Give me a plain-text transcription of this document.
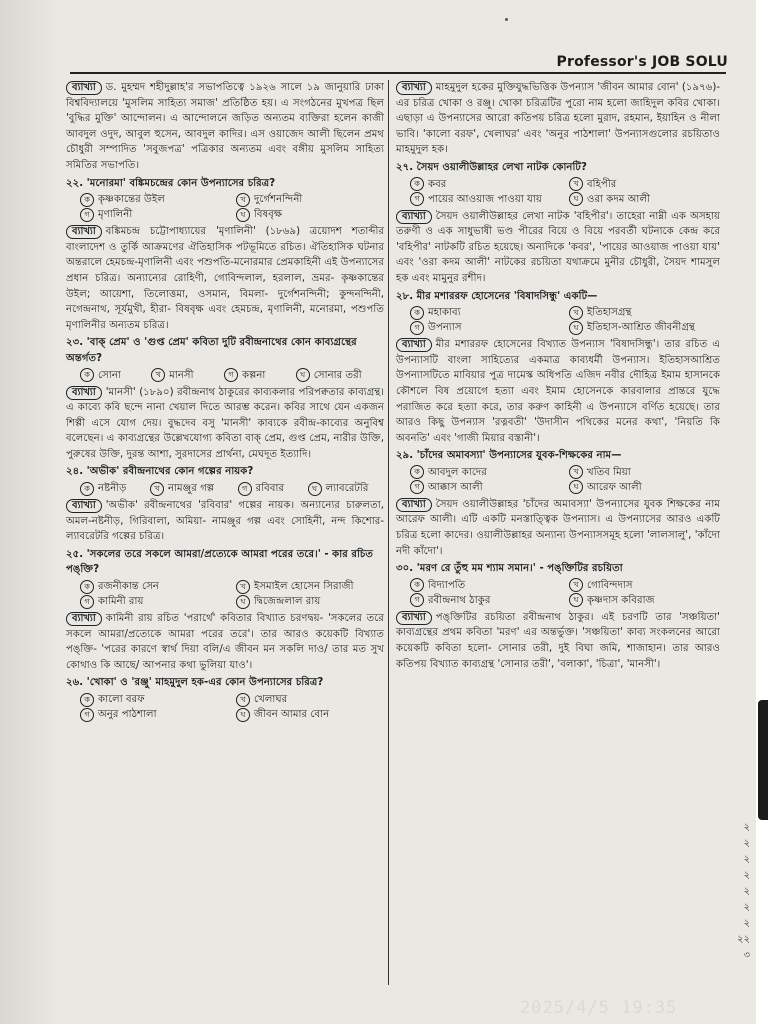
Professor's JOB SOLU

ব্যাখ্যা ড. মুহম্মদ শহীদুল্লাহ'র সভাপতিত্বে ১৯২৬ সালে ১৯ জানুয়ারি ঢাকা বিশ্ববিদ্যালয়ে 'মুসলিম সাহিত্য সমাজ' প্রতিষ্ঠিত হয়। এ সংগঠনের মুখপত্র ছিল 'বুদ্ধির মুক্তি' আন্দোলন। এ আন্দোলনে জড়িত অন্যতম ব্যক্তিরা হলেন কাজী আবদুল ওদুদ, আবুল হুসেন, আবদুল কাদির। এস ওয়াজেদ আলী ছিলেন প্রমথ চৌধুরী সম্পাদিত 'সবুজপত্র' পত্রিকার অন্যতম এবং বঙ্গীয় মুসলিম সাহিত্য সমিতির সভাপতি।

২২. 'মনোরমা' বঙ্কিমচন্দ্রের কোন উপন্যাসের চরিত্র?
ক কৃষ্ণকান্তের উইল	খ দুর্গেশনন্দিনী
গ মৃণালিনী	ঘ বিষবৃক্ষ

ব্যাখ্যা বঙ্কিমচন্দ্র চট্টোপাধ্যায়ের 'মৃণালিনী' (১৮৬৯) ত্রয়োদশ শতাব্দীর বাংলাদেশ ও তুর্কি আক্রমণের ঐতিহাসিক পটভূমিতে রচিত। ঐতিহাসিক ঘটনার অন্তরালে হেমচন্দ্র-মৃণালিনী এবং পশুপতি-মনোরমার প্রেমকাহিনী এই উপন্যাসের প্রধান চরিত্র। অন্যান্যের রোহিণী, গোবিন্দলাল, হরলাল, ভ্রমর- কৃষ্ণকান্তের উইল; আয়েশা, তিলোত্তমা, ওসমান, বিমলা- দুর্গেশনন্দিনী; কুন্দনন্দিনী, নগেন্দ্রনাথ, সূর্যমুখী, হীরা- বিষবৃক্ষ এবং হেমচন্দ্র, মৃণালিনী, মনোরমা, পশুপতি মৃণালিনীর অন্যতম চরিত্র।

২৩. 'বাক্ প্রেম' ও 'গুপ্ত প্রেম' কবিতা দুটি রবীন্দ্রনাথের কোন কাব্যগ্রন্থের অন্তর্গত?
ক সোনা	খ মানসী	গ কল্পনা	ঘ সোনার তরী

ব্যাখ্যা 'মানসী' (১৮৯০) রবীন্দ্রনাথ ঠাকুরের কাব্যকলার পরিপক্বতার কাব্যগ্রন্থ। এ কাব্যে কবি ছন্দে নানা খেয়াল দিতে আরম্ভ করেন। কবির সাথে যেন একজন শিল্পী এসে যোগ দেয়। বুদ্ধদেব বসু 'মানসী' কাব্যকে রবীন্দ্র-কাব্যের অনুবিশ্ব বলেছেন। এ কাব্যগ্রন্থের উল্লেখযোগ্য কবিতা বাক্ প্রেম, গুপ্ত প্রেম, নারীর উক্তি, পুরুষের উক্তি, দুরন্ত আশা, সুরদাসের প্রার্থনা, মেঘদূত ইত্যাদি।

২৪. 'অভীক' রবীন্দ্রনাথের কোন গল্পের নায়ক?
ক নষ্টনীড়	খ নামঞ্জুর গল্প	গ রবিবার	ঘ ল্যাবরেটরি

ব্যাখ্যা 'অভীক' রবীন্দ্রনাথের 'রবিবার' গল্পের নায়ক। অন্যান্যের চারুলতা, অমল-নষ্টনীড়, গিরিবালা, অমিয়া- নামঞ্জুর গল্প এবং সোহিনী, নন্দ কিশোর- ল্যাবরেটরি গল্পের চরিত্র।

২৫. 'সকলের তরে সকলে আমরা/প্রত্যেকে আমরা পরের তরে।' - কার রচিত পঙ্‌ক্তি?
ক রজনীকান্ত সেন	খ ইসমাইল হোসেন সিরাজী
গ কামিনী রায়	ঘ দ্বিজেন্দ্রলাল রায়

ব্যাখ্যা কামিনী রায় রচিত 'পরার্থে' কবিতার বিখ্যাত চরণদ্বয়- 'সকলের তরে সকলে আমরা/প্রত্যেকে আমরা পরের তরে'। তার আরও কয়েকটি বিখ্যাত পঙ্‌ক্তি- 'পরের কারণে স্বার্থ দিয়া বলি/এ জীবন মন সকলি দাও/ তার মত সুখ কোথাও কি আছে/ আপনার কথা ভুলিয়া যাও'।

২৬. 'খোকা' ও 'রঞ্জু' মাহমুদুল হক-এর কোন উপন্যাসের চরিত্র?
ক কালো বরফ	খ খেলাঘর
গ অনুর পাঠশালা	ঘ জীবন আমার বোন

ব্যাখ্যা মাহমুদুল হকের মুক্তিযুদ্ধভিত্তিক উপন্যাস 'জীবন আমার বোন' (১৯৭৬)-এর চরিত্র খোকা ও রঞ্জু। খোকা চরিত্রটির পুরো নাম হলো জাহিদুল কবির খোকা। এছাড়া এ উপন্যাসের আরো কতিপয় চরিত্র হলো মুরাদ, রহমান, ইয়াহিন ও নীলা ভাবি। 'কালো বরফ', খেলাঘর' এবং 'অনুর পাঠশালা' উপন্যাসগুলোর রচয়িতাও মাহমুদুল হক।

২৭. সৈয়দ ওয়ালীউল্লাহর লেখা নাটক কোনটি?
ক কবর	খ বহিপীর
গ পায়ের আওয়াজ পাওয়া যায়	ঘ ওরা কদম আলী

ব্যাখ্যা সৈয়দ ওয়ালীউল্লাহর লেখা নাটক 'বহিপীর'। তাহেরা নাম্নী এক অসহায় তরুণী ও এক সাধুভাষী ভণ্ড পীরের বিয়ে ও বিয়ে পরবর্তী ঘটনাকে কেন্দ্র করে 'বহিপীর' নাটকটি রচিত হয়েছে। অন্যদিকে 'কবর', 'পায়ের আওয়াজ পাওয়া যায়' এবং 'ওরা কদম আলী' নাটকের রচয়িতা যথাক্রমে মুনীর চৌধুরী, সৈয়দ শামসুল হক এবং মামুনুর রশীদ।

২৮. মীর মশাররফ হোসেনের 'বিষাদসিন্ধু' একটি—
ক মহাকাব্য	খ ইতিহাসগ্রন্থ
গ উপন্যাস	ঘ ইতিহাস-আশ্রিত জীবনীগ্রন্থ

ব্যাখ্যা মীর মশাররফ হোসেনের বিখ্যাত উপন্যাস 'বিষাদসিন্ধু'। তার রচিত এ উপন্যাসটি বাংলা সাহিত্যের একমাত্র কাব্যধর্মী উপন্যাস। ইতিহাসআশ্রিত উপন্যাসটিতে মাবিয়ার পুত্র দামেস্ক অধিপতি এজিদ নবীর দৌহিত্র ইমাম হাসানকে কৌশলে বিষ প্রয়োগে হত্যা এবং ইমাম হোসেনকে কারবালার প্রান্তরে যুদ্ধে পরাজিত করে হত্যা করে, তার করুণ কাহিনী এ উপন্যাসে বর্ণিত হয়েছে। তার আরও কিছু উপন্যাস 'রত্নবতী' 'উদাসীন পথিকের মনের কথা', 'নিয়তি কি অবনতি' এবং 'গাজী মিয়ার বস্তানী'।

২৯. 'চাঁদের অমাবস্যা' উপন্যাসের যুবক-শিক্ষকের নাম—
ক আবদুল কাদের	খ খতিব মিয়া
গ আক্কাস আলী	ঘ আরেফ আলী

ব্যাখ্যা সৈয়দ ওয়ালীউল্লাহর 'চাঁদের অমাবস্যা' উপন্যাসের যুবক শিক্ষকের নাম আরেফ আলী। এটি একটি মনস্তাত্ত্বিক উপন্যাস। এ উপন্যাসের আরও একটি চরিত্র হলো কাদের। ওয়ালীউল্লাহর অন্যান্য উপন্যাসসমূহ হলো 'লালসালু', 'কাঁদো নদী কাঁদো'।

৩০. 'মরণ রে তুঁহু মম শ্যাম সমান।' - পঙ্‌ক্তিটির রচয়িতা
ক বিদ্যাপতি	খ গোবিন্দদাস
গ রবীন্দ্রনাথ ঠাকুর	ঘ কৃষ্ণদাস কবিরাজ

ব্যাখ্যা পঙ্‌ক্তিটির রচয়িতা রবীন্দ্রনাথ ঠাকুর। এই চরণটি তার 'সঞ্চয়িতা' কাব্যগ্রন্থের প্রথম কবিতা 'মরণ' এর অন্তর্ভুক্ত। 'সঞ্চয়িতা' কাব্য সংকলনের আরো কয়েকটি কবিতা হলো- সোনার তরী, দুই বিঘা জমি, শাজাহান। তার আরও কতিপয় বিখ্যাত কাব্যগ্রন্থ 'সোনার তরী', 'বলাকা', 'চিত্রা', 'মানসী'।

২
২
২
২
২
২
২
২২
৩
2025/4/5 19:35
